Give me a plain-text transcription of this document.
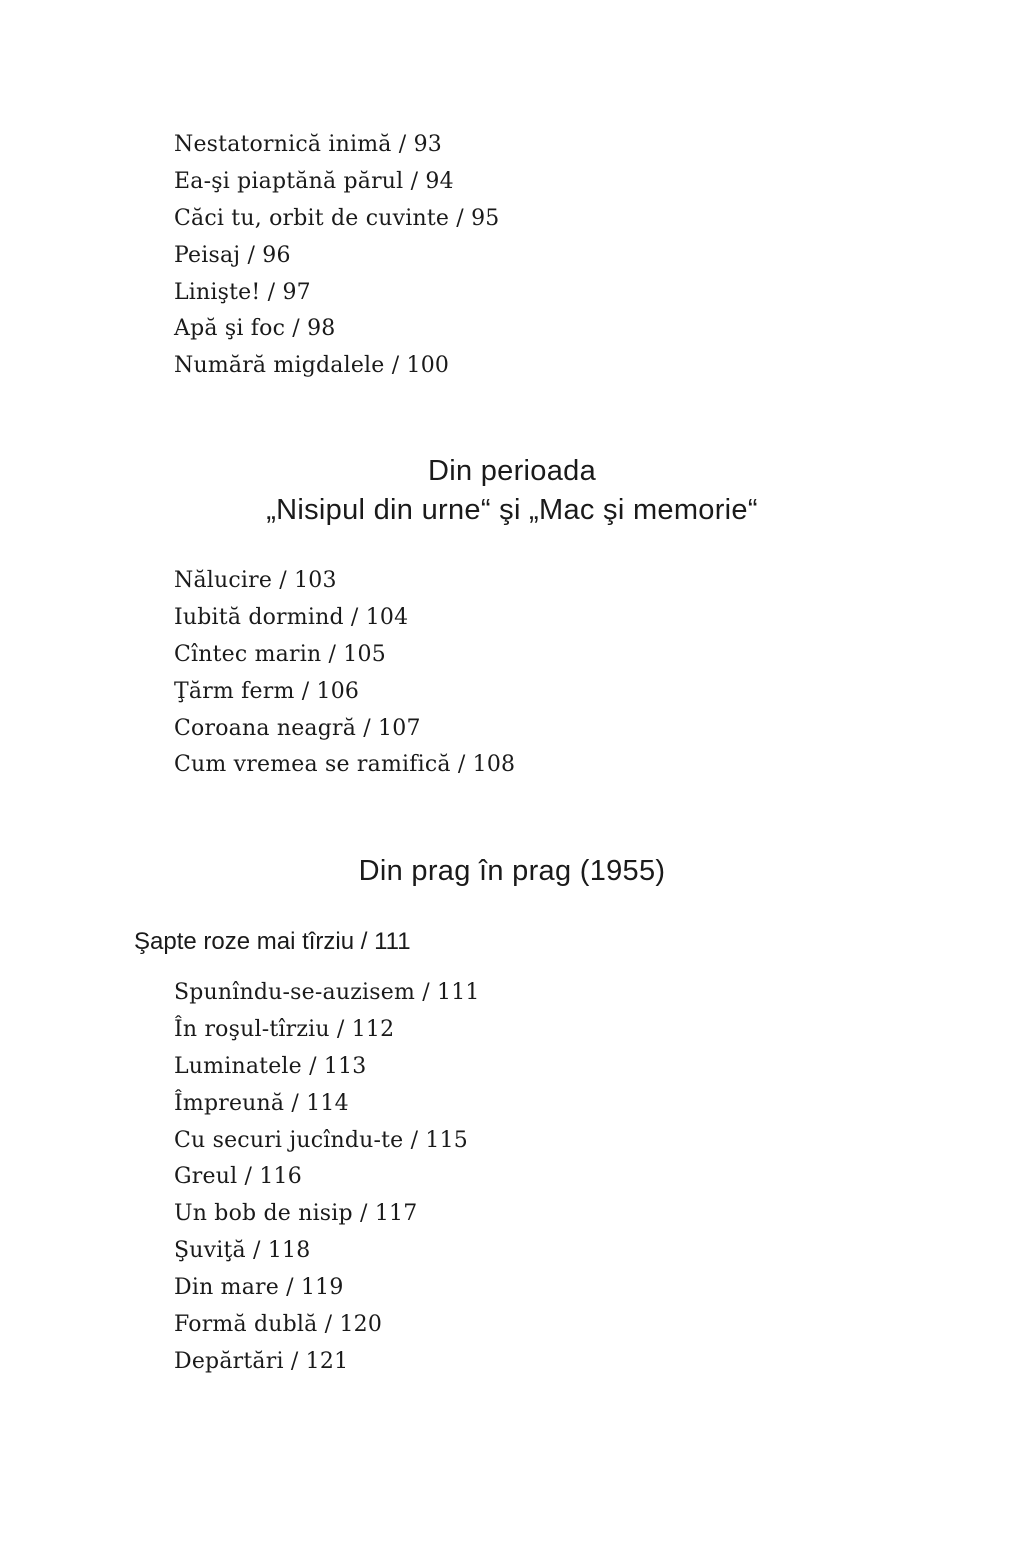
Nestatornică inimă / 93
Ea-şi piaptănă părul / 94
Căci tu, orbit de cuvinte / 95
Peisaj / 96
Linişte! / 97
Apă şi foc / 98
Numără migdalele / 100
Din perioada
„Nisipul din urne“ şi „Mac şi memorie“
Nălucire / 103
Iubită dormind / 104
Cîntec marin / 105
Ţărm ferm / 106
Coroana neagră / 107
Cum vremea se ramifică / 108
Din prag în prag (1955)
Şapte roze mai tîrziu / 111
Spunîndu-se-auzisem / 111
În roşul-tîrziu / 112
Luminatele / 113
Împreună / 114
Cu securi jucîndu-te / 115
Greul / 116
Un bob de nisip / 117
Şuviţă / 118
Din mare / 119
Formă dublă / 120
Depărtări / 121
